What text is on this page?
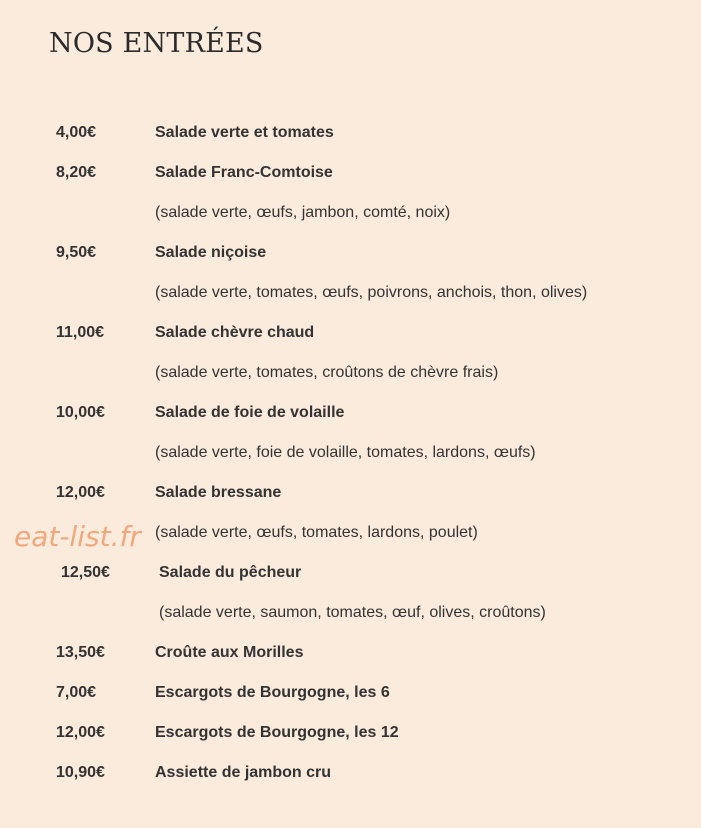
NOS ENTRÉES
4,00€	Salade verte et tomates
8,20€	Salade Franc-Comtoise
(salade verte, œufs, jambon, comté, noix)
9,50€	Salade niçoise
(salade verte, tomates, œufs, poivrons, anchois, thon, olives)
11,00€	Salade chèvre chaud
(salade verte, tomates, croûtons de chèvre frais)
10,00€	Salade de foie de volaille
(salade verte, foie de volaille, tomates, lardons, œufs)
12,00€	Salade bressane
(salade verte, œufs, tomates, lardons, poulet)
12,50€	Salade du pêcheur
(salade verte, saumon, tomates, œuf, olives, croûtons)
13,50€	Croûte aux Morilles
7,00€	Escargots de Bourgogne, les 6
12,00€	Escargots de Bourgogne, les 12
10,90€	Assiette de jambon cru
eat-list.fr
